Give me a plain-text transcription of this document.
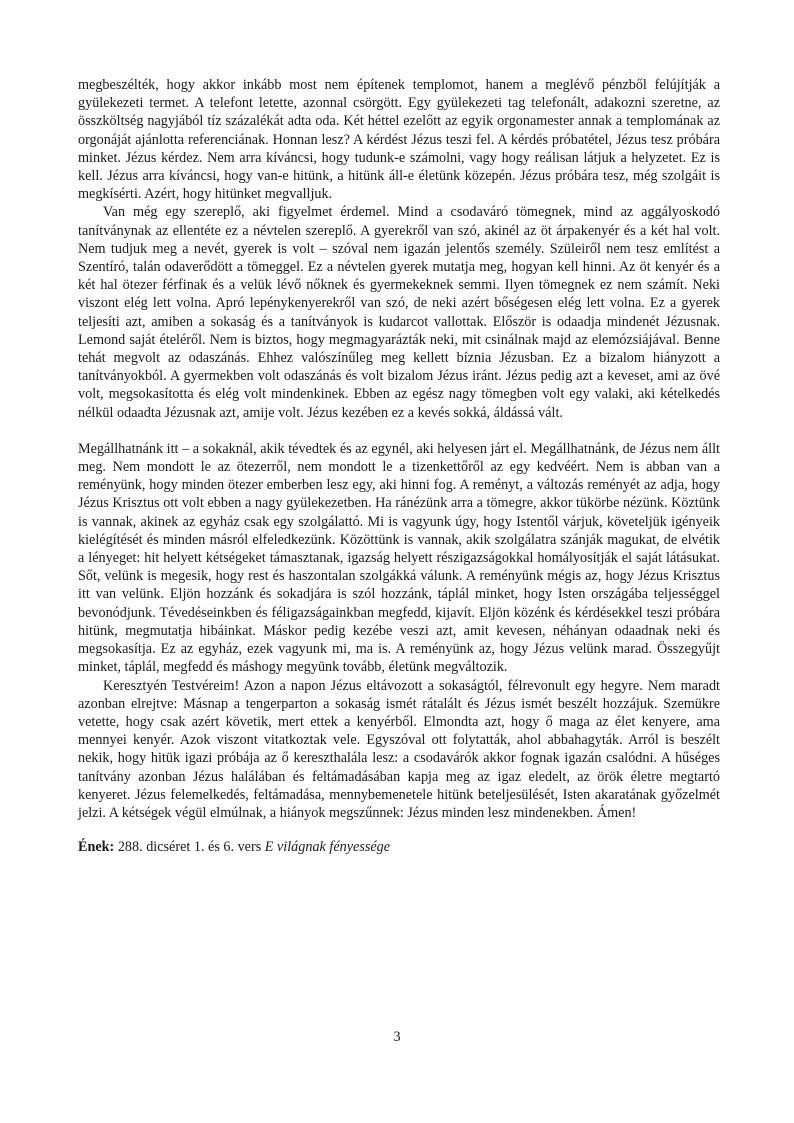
megbeszélték, hogy akkor inkább most nem építenek templomot, hanem a meglévő pénzből felújítják a gyülekezeti termet. A telefont letette, azonnal csörgött. Egy gyülekezeti tag telefonált, adakozni szeretne, az összköltség nagyjából tíz százalékát adta oda. Két héttel ezelőtt az egyik orgonamester annak a templomának az orgonáját ajánlotta referenciának. Honnan lesz? A kérdést Jézus teszi fel. A kérdés próbatétel, Jézus tesz próbára minket. Jézus kérdez. Nem arra kíváncsi, hogy tudunk-e számolni, vagy hogy reálisan látjuk a helyzetet. Ez is kell. Jézus arra kíváncsi, hogy van-e hitünk, a hitünk áll-e életünk közepén. Jézus próbára tesz, még szolgáit is megkísérti. Azért, hogy hitünket megvalljuk.

Van még egy szereplő, aki figyelmet érdemel. Mind a csodaváró tömegnek, mind az aggályoskodó tanítványnak az ellentéte ez a névtelen szereplő. A gyerekről van szó, akinél az öt árpakenyér és a két hal volt. Nem tudjuk meg a nevét, gyerek is volt – szóval nem igazán jelentős személy. Szüleiről nem tesz említést a Szentíró, talán odaverődött a tömeggel. Ez a névtelen gyerek mutatja meg, hogyan kell hinni. Az öt kenyér és a két hal ötezer férfinak és a velük lévő nőknek és gyermekeknek semmi. Ilyen tömegnek ez nem számít. Neki viszont elég lett volna. Apró lepénykenyerekről van szó, de neki azért bőségesen elég lett volna. Ez a gyerek teljesíti azt, amiben a sokaság és a tanítványok is kudarcot vallottak. Először is odaadja mindenét Jézusnak. Lemond saját ételéről. Nem is biztos, hogy megmagyarázták neki, mit csinálnak majd az elemózsiájával. Benne tehát megvolt az odaszánás. Ehhez valószínűleg meg kellett bíznia Jézusban. Ez a bizalom hiányzott a tanítványokból. A gyermekben volt odaszánás és volt bizalom Jézus iránt. Jézus pedig azt a keveset, ami az övé volt, megsokasította és elég volt mindenkinek. Ebben az egész nagy tömegben volt egy valaki, aki kételkedés nélkül odaadta Jézusnak azt, amije volt. Jézus kezében ez a kevés sokká, áldássá vált.

Megállhatnánk itt – a sokaknál, akik tévedtek és az egynél, aki helyesen járt el. Megállhatnánk, de Jézus nem állt meg. Nem mondott le az ötezerről, nem mondott le a tizenkettőről az egy kedvéért. Nem is abban van a reményünk, hogy minden ötezer emberben lesz egy, aki hinni fog. A reményt, a változás reményét az adja, hogy Jézus Krisztus ott volt ebben a nagy gyülekezetben. Ha ránézünk arra a tömegre, akkor tükörbe nézünk. Köztünk is vannak, akinek az egyház csak egy szolgálattó. Mi is vagyunk úgy, hogy Istentől várjuk, követeljük igényeik kielégítését és minden másról elfeledkezünk. Közöttünk is vannak, akik szolgálatra szánják magukat, de elvétik a lényeget: hit helyett kétségeket támasztanak, igazság helyett részigazságokkal homályosítják el saját látásukat. Sőt, velünk is megesik, hogy rest és haszontalan szolgákká válunk. A reményünk mégis az, hogy Jézus Krisztus itt van velünk. Eljön hozzánk és sokadjára is szól hozzánk, táplál minket, hogy Isten országába teljességgel bevonódjunk. Tévedéseinkben és féligazságainkban megfedd, kijavít. Eljön közénk és kérdésekkel teszi próbára hitünk, megmutatja hibáinkat. Máskor pedig kezébe veszi azt, amit kevesen, néhányan odaadnak neki és megsokasítja. Ez az egyház, ezek vagyunk mi, ma is. A reményünk az, hogy Jézus velünk marad. Összegyűjt minket, táplál, megfedd és máshogy megyünk tovább, életünk megváltozik.

Keresztyén Testvéreim! Azon a napon Jézus eltávozott a sokaságtól, félrevonult egy hegyre. Nem maradt azonban elrejtve: Másnap a tengerparton a sokaság ismét rátalált és Jézus ismét beszélt hozzájuk. Szemükre vetette, hogy csak azért követik, mert ettek a kenyérből. Elmondta azt, hogy ő maga az élet kenyere, ama mennyei kenyér. Azok viszont vitatkoztak vele. Egyszóval ott folytatták, ahol abbahagyták. Arról is beszélt nekik, hogy hitük igazi próbája az ő kereszthalála lesz: a csodavárók akkor fognak igazán csalódni. A hűséges tanítvány azonban Jézus halálában és feltámadásában kapja meg az igaz eledelt, az örök életre megtartó kenyeret. Jézus felemelkedés, feltámadása, mennybemenetele hitünk beteljesülését, Isten akaratának győzelmét jelzi. A kétségek végül elmúlnak, a hiányok megszűnnek: Jézus minden lesz mindenekben. Ámen!

Ének: 288. dicséret 1. és 6. vers E világnak fényessége

3
